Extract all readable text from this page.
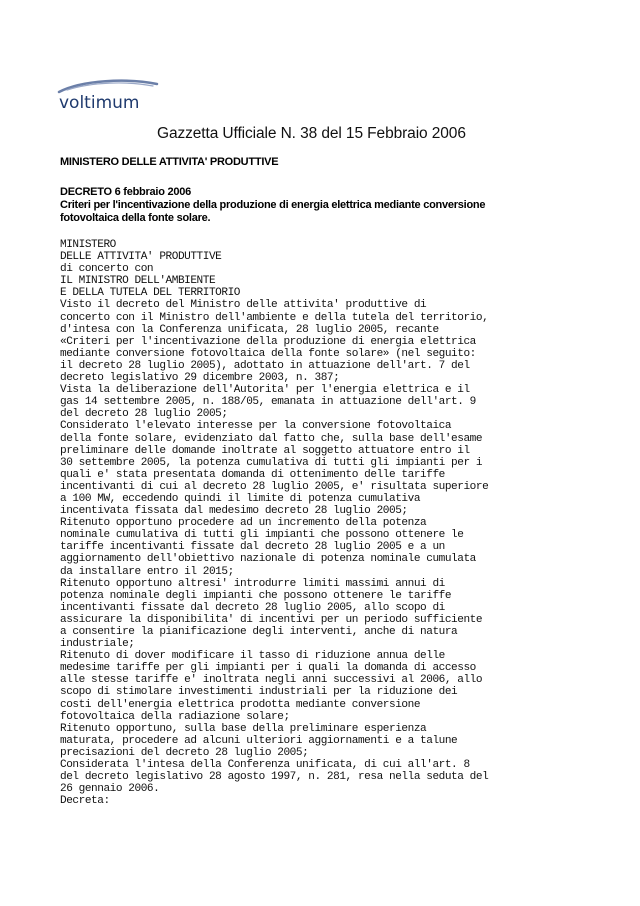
voltimum
Gazzetta Ufficiale N. 38 del 15 Febbraio 2006
MINISTERO DELLE ATTIVITA' PRODUTTIVE
DECRETO 6 febbraio 2006
Criteri per l'incentivazione della produzione di energia elettrica mediante conversione
fotovoltaica della fonte solare.
MINISTERO
DELLE ATTIVITA' PRODUTTIVE
di concerto con
IL MINISTRO DELL'AMBIENTE
E DELLA TUTELA DEL TERRITORIO
Visto il decreto del Ministro delle attivita' produttive di
concerto con il Ministro dell'ambiente e della tutela del territorio,
d'intesa con la Conferenza unificata, 28 luglio 2005, recante
«Criteri per l'incentivazione della produzione di energia elettrica
mediante conversione fotovoltaica della fonte solare» (nel seguito:
il decreto 28 luglio 2005), adottato in attuazione dell'art. 7 del
decreto legislativo 29 dicembre 2003, n. 387;
Vista la deliberazione dell'Autorita' per l'energia elettrica e il
gas 14 settembre 2005, n. 188/05, emanata in attuazione dell'art. 9
del decreto 28 luglio 2005;
Considerato l'elevato interesse per la conversione fotovoltaica
della fonte solare, evidenziato dal fatto che, sulla base dell'esame
preliminare delle domande inoltrate al soggetto attuatore entro il
30 settembre 2005, la potenza cumulativa di tutti gli impianti per i
quali e' stata presentata domanda di ottenimento delle tariffe
incentivanti di cui al decreto 28 luglio 2005, e' risultata superiore
a 100 MW, eccedendo quindi il limite di potenza cumulativa
incentivata fissata dal medesimo decreto 28 luglio 2005;
Ritenuto opportuno procedere ad un incremento della potenza
nominale cumulativa di tutti gli impianti che possono ottenere le
tariffe incentivanti fissate dal decreto 28 luglio 2005 e a un
aggiornamento dell'obiettivo nazionale di potenza nominale cumulata
da installare entro il 2015;
Ritenuto opportuno altresi' introdurre limiti massimi annui di
potenza nominale degli impianti che possono ottenere le tariffe
incentivanti fissate dal decreto 28 luglio 2005, allo scopo di
assicurare la disponibilita' di incentivi per un periodo sufficiente
a consentire la pianificazione degli interventi, anche di natura
industriale;
Ritenuto di dover modificare il tasso di riduzione annua delle
medesime tariffe per gli impianti per i quali la domanda di accesso
alle stesse tariffe e' inoltrata negli anni successivi al 2006, allo
scopo di stimolare investimenti industriali per la riduzione dei
costi dell'energia elettrica prodotta mediante conversione
fotovoltaica della radiazione solare;
Ritenuto opportuno, sulla base della preliminare esperienza
maturata, procedere ad alcuni ulteriori aggiornamenti e a talune
precisazioni del decreto 28 luglio 2005;
Considerata l'intesa della Conferenza unificata, di cui all'art. 8
del decreto legislativo 28 agosto 1997, n. 281, resa nella seduta del
26 gennaio 2006.
Decreta:
